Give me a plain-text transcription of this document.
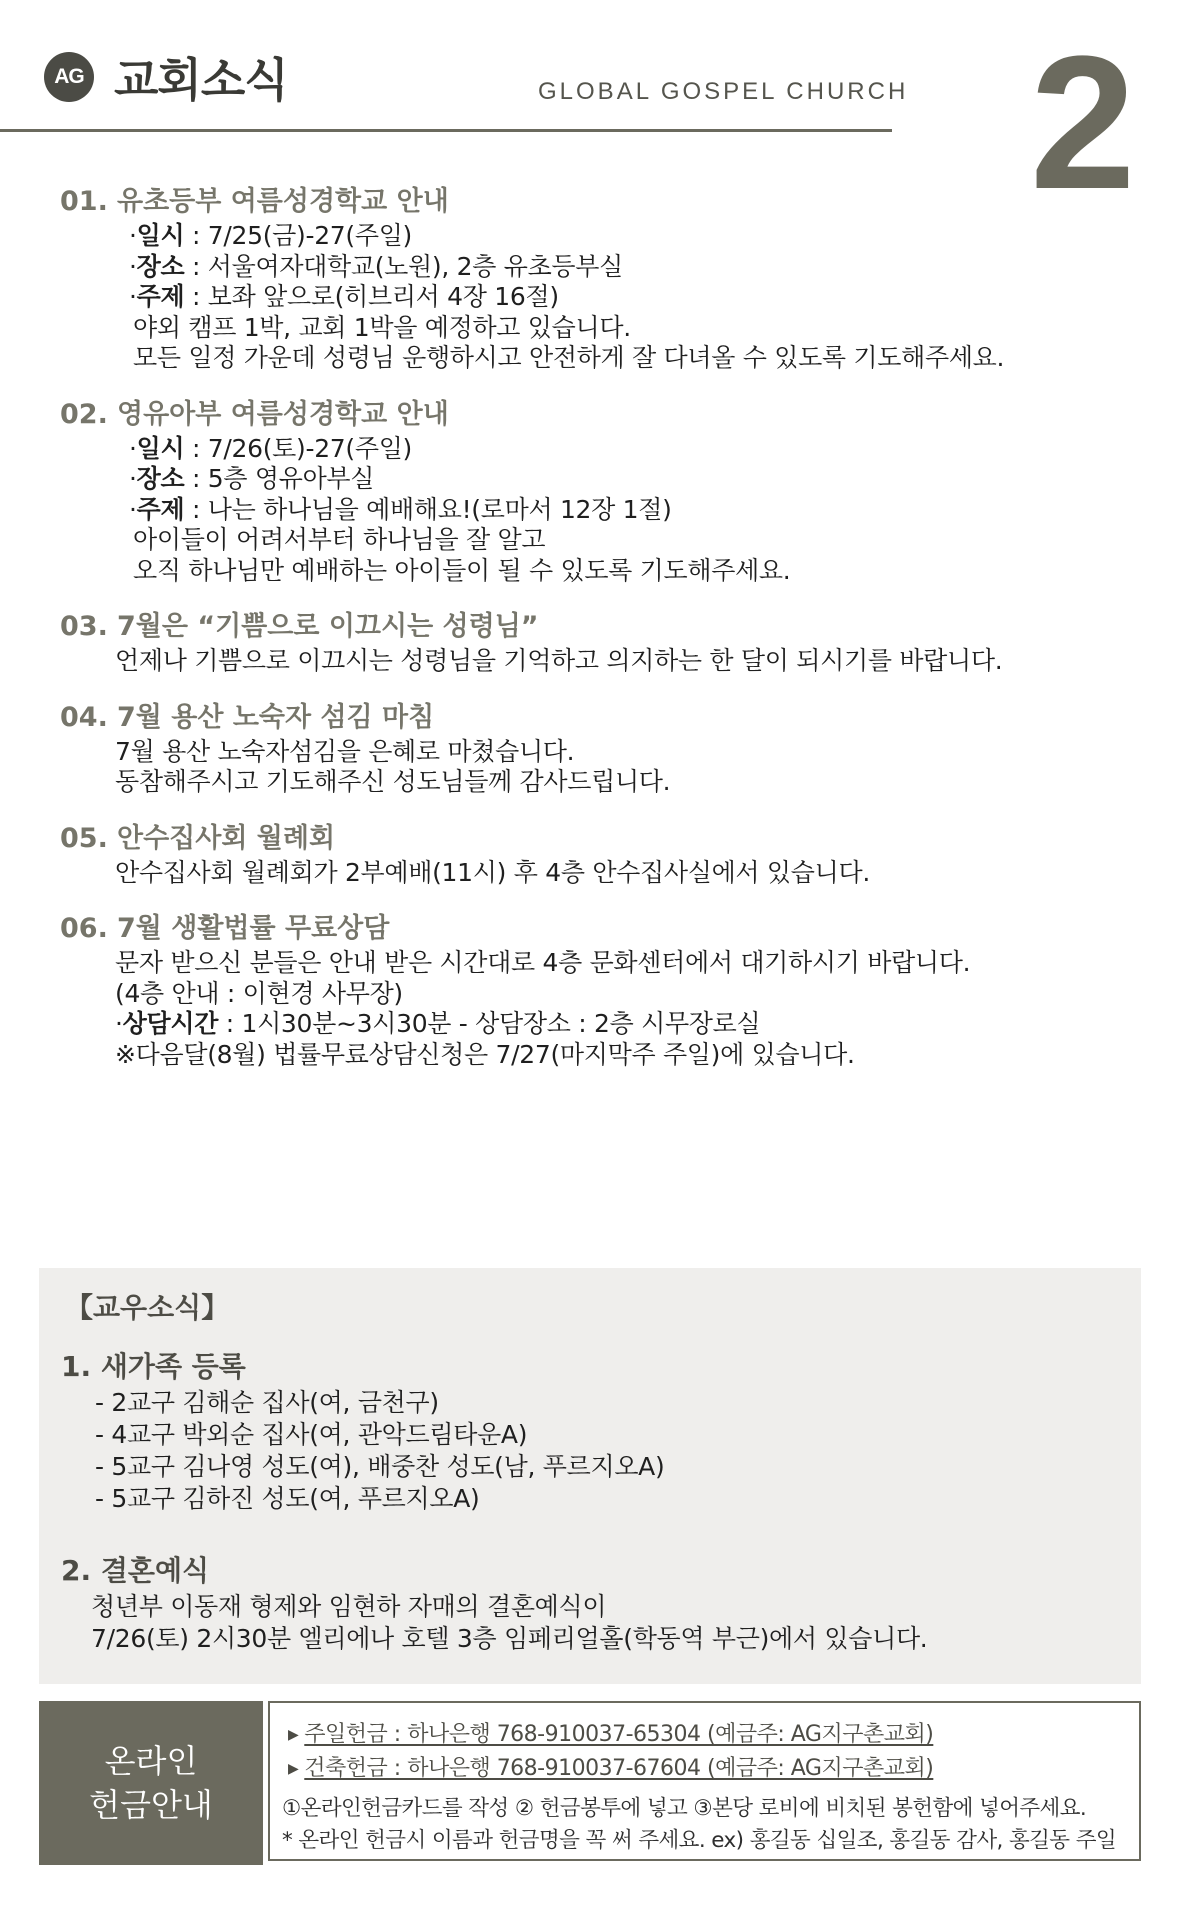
AG 교회소식	GLOBAL GOSPEL CHURCH 2
01. 유초등부 여름성경학교 안내
·일시 : 7/25(금)-27(주일)
·장소 : 서울여자대학교(노원), 2층 유초등부실
·주제 : 보좌 앞으로(히브리서 4장 16절)
야외 캠프 1박, 교회 1박을 예정하고 있습니다.
모든 일정 가운데 성령님 운행하시고 안전하게 잘 다녀올 수 있도록 기도해주세요.
02. 영유아부 여름성경학교 안내
·일시 : 7/26(토)-27(주일)
·장소 : 5층 영유아부실
·주제 : 나는 하나님을 예배해요!(로마서 12장 1절)
아이들이 어려서부터 하나님을 잘 알고
오직 하나님만 예배하는 아이들이 될 수 있도록 기도해주세요.
03. 7월은 “기쁨으로 이끄시는 성령님”
언제나 기쁨으로 이끄시는 성령님을 기억하고 의지하는 한 달이 되시기를 바랍니다.
04. 7월 용산 노숙자 섬김 마침
7월 용산 노숙자섬김을 은혜로 마쳤습니다.
동참해주시고 기도해주신 성도님들께 감사드립니다.
05. 안수집사회 월례회
안수집사회 월례회가 2부예배(11시) 후 4층 안수집사실에서 있습니다.
06. 7월 생활법률 무료상담
문자 받으신 분들은 안내 받은 시간대로 4층 문화센터에서 대기하시기 바랍니다.
(4층 안내 : 이현경 사무장)
·상담시간 : 1시30분~3시30분 - 상담장소 : 2층 시무장로실
※다음달(8월) 법률무료상담신청은 7/27(마지막주 주일)에 있습니다.
【교우소식】
1. 새가족 등록
- 2교구 김해순 집사(여, 금천구)
- 4교구 박외순 집사(여, 관악드림타운A)
- 5교구 김나영 성도(여), 배중찬 성도(남, 푸르지오A)
- 5교구 김하진 성도(여, 푸르지오A)
2. 결혼예식
청년부 이동재 형제와 임현하 자매의 결혼예식이
7/26(토) 2시30분 엘리에나 호텔 3층 임페리얼홀(학동역 부근)에서 있습니다.
온라인
헌금안내
▶ 주일헌금 : 하나은행 768-910037-65304 (예금주: AG지구촌교회)
▶ 건축헌금 : 하나은행 768-910037-67604 (예금주: AG지구촌교회)
①온라인헌금카드를 작성 ② 헌금봉투에 넣고 ③본당 로비에 비치된 봉헌함에 넣어주세요.
* 온라인 헌금시 이름과 헌금명을 꼭 써 주세요. ex) 홍길동 십일조, 홍길동 감사, 홍길동 주일
